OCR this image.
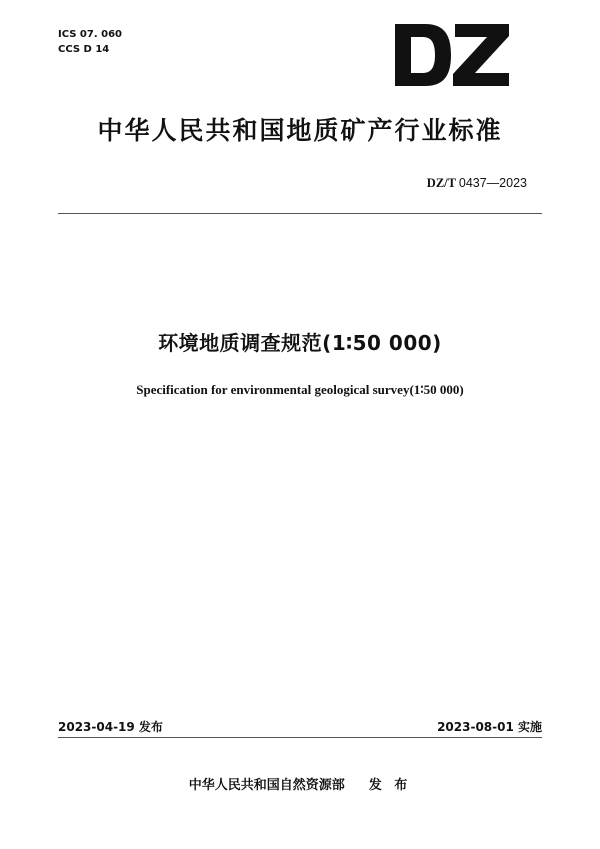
ICS 07. 060
CCS D 14
中华人民共和国地质矿产行业标准
DZ/T 0437—2023
环境地质调查规范(1∶50 000)
Specification for environmental geological survey(1∶50 000)
2023-04-19 发布	2023-08-01 实施
中华人民共和国自然资源部 发 布
